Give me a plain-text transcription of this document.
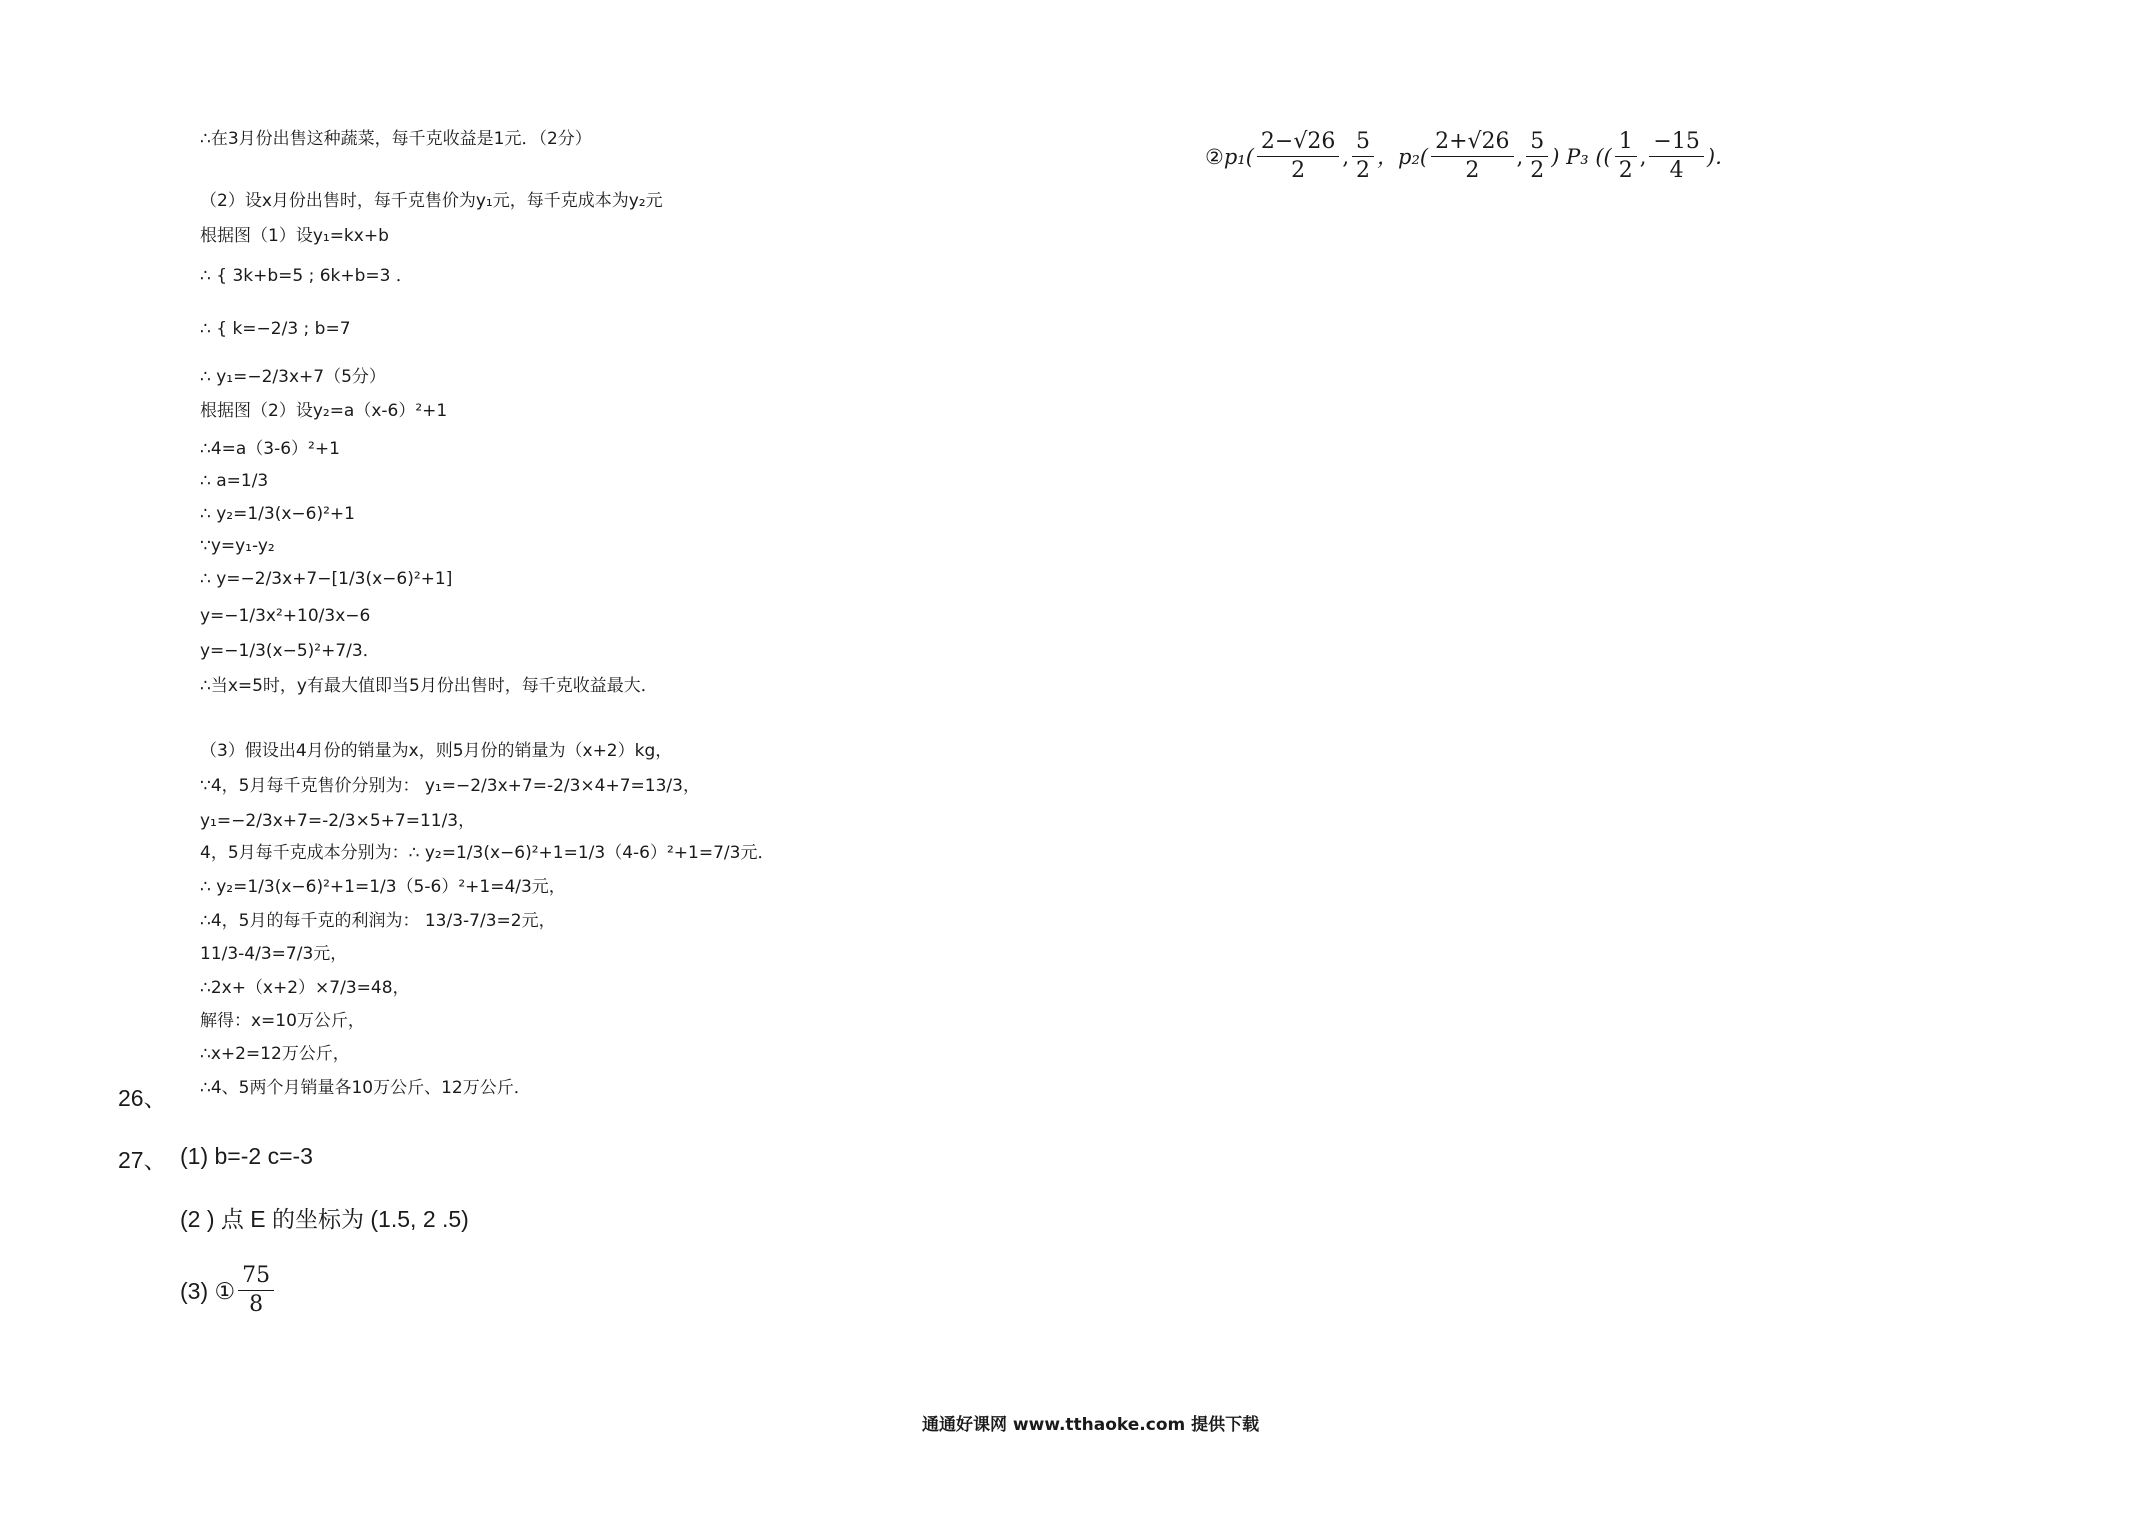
∴在3月份出售这种蔬菜，每千克收益是1元．（2分）
（2）设x月份出售时，每千克售价为y₁元，每千克成本为y₂元
根据图（1）设y₁=kx+b
∴ { 3k+b=5 ; 6k+b=3 ．
∴ { k=−2/3 ; b=7
∴ y₁=−2/3x+7（5分）
根据图（2）设y₂=a（x-6）²+1
∴4=a（3-6）²+1
∴ a=1/3
∴ y₂=1/3(x−6)²+1
∵y=y₁-y₂
∴ y=−2/3x+7−[1/3(x−6)²+1]
y=−1/3x²+10/3x−6
y=−1/3(x−5)²+7/3．
∴当x=5时，y有最大值即当5月份出售时，每千克收益最大．
（3）假设出4月份的销量为x，则5月份的销量为（x+2）kg，
∵4，5月每千克售价分别为： y₁=−2/3x+7=-2/3×4+7=13/3，
y₁=−2/3x+7=-2/3×5+7=11/3，
4，5月每千克成本分别为：∴ y₂=1/3(x−6)²+1=1/3（4-6）²+1=7/3元．
∴ y₂=1/3(x−6)²+1=1/3（5-6）²+1=4/3元，
∴4，5月的每千克的利润为： 13/3-7/3=2元，
11/3-4/3=7/3元，
∴2x+（x+2）×7/3=48，
解得：x=10万公斤，
∴x+2=12万公斤，
∴4、5两个月销量各10万公斤、12万公斤．
26、
27、 (1) b=-2 c=-3
(2 ) 点 E 的坐标为 (1.5, 2 .5)
(3) ① $\frac{75}{8}$
② $p_1( \frac{2-√26}{2}$ , $\frac{5}{2}$ ，$p_2( \frac{2+√26}{2}$ , $\frac{5}{2}$ ) P₃ (( $\frac{1}{2}$ , $\frac{-15}{4}$ )．
通通好课网 www.tthaoke.com 提供下载
